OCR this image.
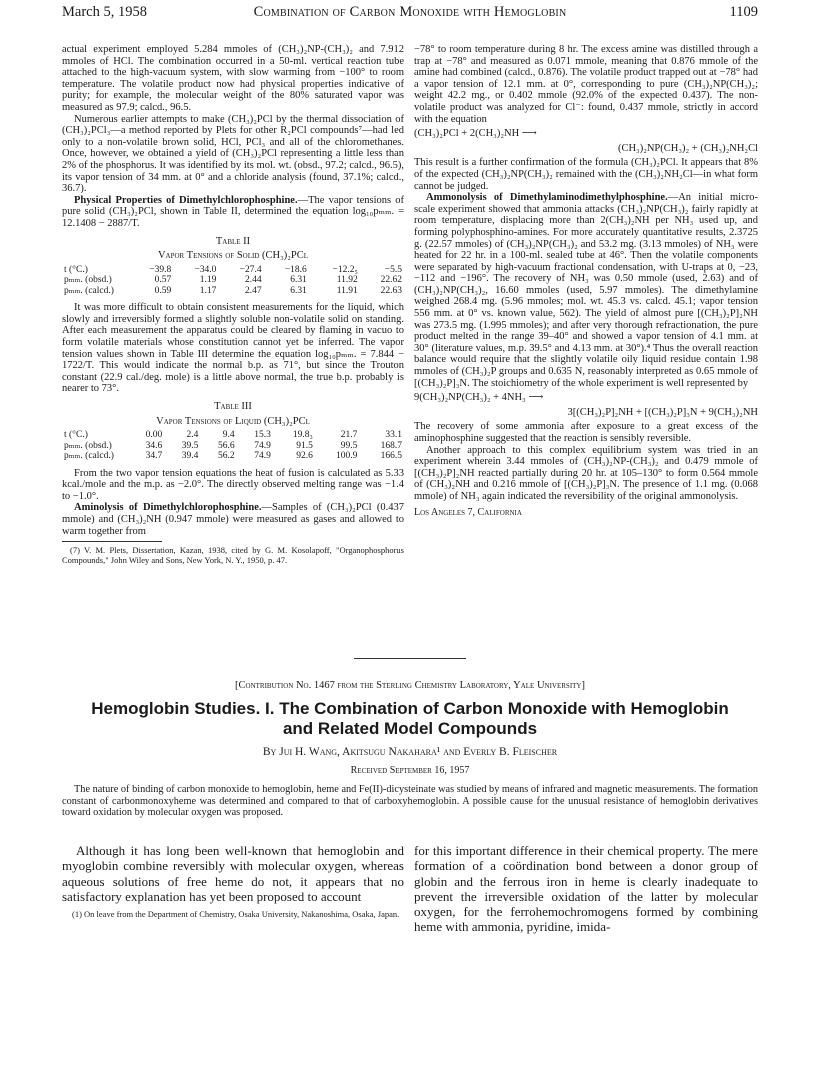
March 5, 1958	Combination of Carbon Monoxide with Hemoglobin	1109

actual experiment employed 5.284 mmoles of (CH₃)₂NP-(CH₃)₂ and 7.912 mmoles of HCl. The combination occurred in a 50-ml. vertical reaction tube attached to the high-vacuum system, with slow warming from −100° to room temperature. The volatile product now had physical properties indicative of purity; for example, the molecular weight of the 80% saturated vapor was measured as 97.9; calcd., 96.5.

Numerous earlier attempts to make (CH₃)₂PCl by the thermal dissociation of (CH₃)₂PCl₃—a method reported by Plets for other R₂PCl compounds⁷—had led only to a non-volatile brown solid, HCl, PCl₃ and all of the chloromethanes. Once, however, we obtained a yield of (CH₃)₂PCl representing a little less than 2% of the phosphorus. It was identified by its mol. wt. (obsd., 97.2; calcd., 96.5), its vapor tension of 34 mm. at 0° and a chloride analysis (found, 37.1%; calcd., 36.7).

Physical Properties of Dimethylchlorophosphine.—The vapor tensions of pure solid (CH₃)₂PCl, shown in Table II, determined the equation log₁₀pₘₘ. = 12.1408 − 2887/T.

Table II
Vapor Tensions of Solid (CH₃)₂PCl
t (°C.)	−39.8	−34.0	−27.4	−18.6	−12.2₅	−5.5
pₘₘ. (obsd.)	0.57	1.19	2.44	6.31	11.92	22.62
pₘₘ. (calcd.)	0.59	1.17	2.47	6.31	11.91	22.63

It was more difficult to obtain consistent measurements for the liquid, which slowly and irreversibly formed a slightly soluble non-volatile solid on standing. After each measurement the apparatus could be cleared by flaming in vacuo to form volatile materials whose constitution cannot yet be inferred. The vapor tension values shown in Table III determine the equation log₁₀pₘₘ. = 7.844 − 1722/T. This would indicate the normal b.p. as 71°, but since the Trouton constant (22.9 cal./deg. mole) is a little above normal, the true b.p. probably is nearer to 73°.

Table III
Vapor Tensions of Liquid (CH₃)₂PCl
t (°C.)	0.00	2.4	9.4	15.3	19.8₃	21.7	33.1
pₘₘ. (obsd.)	34.6	39.5	56.6	74.9	91.5	99.5	168.7
pₘₘ. (calcd.)	34.7	39.4	56.2	74.9	92.6	100.9	166.5

From the two vapor tension equations the heat of fusion is calculated as 5.33 kcal./mole and the m.p. as −2.0°. The directly observed melting range was −1.4 to −1.0°.

Aminolysis of Dimethylchlorophosphine.—Samples of (CH₃)₂PCl (0.437 mmole) and (CH₃)₂NH (0.947 mmole) were measured as gases and allowed to warm together from

(7) V. M. Plets, Dissertation, Kazan, 1938, cited by G. M. Kosolapoff, "Organophosphorus Compounds," John Wiley and Sons, New York, N. Y., 1950, p. 47.

−78° to room temperature during 8 hr. The excess amine was distilled through a trap at −78° and measured as 0.071 mmole, meaning that 0.876 mmole of the amine had combined (calcd., 0.876). The volatile product trapped out at −78° had a vapor tension of 12.1 mm. at 0°, corresponding to pure (CH₃)₂NP(CH₃)₂; weight 42.2 mg., or 0.402 mmole (92.0% of the expected 0.437). The non-volatile product was analyzed for Cl⁻: found, 0.437 mmole, strictly in accord with the equation

(CH₃)₂PCl + 2(CH₃)₂NH ⟶
(CH₃)₂NP(CH₃)₂ + (CH₃)₂NH₂Cl

This result is a further confirmation of the formula (CH₃)₂PCl. It appears that 8% of the expected (CH₃)₂NP(CH₃)₂ remained with the (CH₃)₂NH₂Cl—in what form cannot be judged.

Ammonolysis of Dimethylaminodimethylphosphine.—An initial micro-scale experiment showed that ammonia attacks (CH₃)₂NP(CH₃)₂ fairly rapidly at room temperature, displacing more than 2(CH₃)₂NH per NH₃ used up, and forming polyphosphino-amines. For more accurately quantitative results, 2.3725 g. (22.57 mmoles) of (CH₃)₂NP(CH₃)₂ and 53.2 mg. (3.13 mmoles) of NH₃ were heated for 22 hr. in a 100-ml. sealed tube at 46°. Then the volatile components were separated by high-vacuum fractional condensation, with U-traps at 0, −23, −112 and −196°. The recovery of NH₃ was 0.50 mmole (used, 2.63) and of (CH₃)₂NP(CH₃)₂, 16.60 mmoles (used, 5.97 mmoles). The dimethylamine weighed 268.4 mg. (5.96 mmoles; mol. wt. 45.3 vs. calcd. 45.1; vapor tension 556 mm. at 0° vs. known value, 562). The yield of almost pure [(CH₃)₂P]₂NH was 273.5 mg. (1.995 mmoles); and after very thorough refractionation, the pure product melted in the range 39–40° and showed a vapor tension of 4.1 mm. at 30° (literature values, m.p. 39.5° and 4.13 mm. at 30°).⁴ Thus the overall reaction balance would require that the slightly volatile oily liquid residue contain 1.98 mmoles of (CH₃)₂P groups and 0.635 N, reasonably interpreted as 0.65 mmole of [(CH₃)₂P]₃N. The stoichiometry of the whole experiment is well represented by

9(CH₃)₂NP(CH₃)₂ + 4NH₃ ⟶
3[(CH₃)₂P]₂NH + [(CH₃)₂P]₃N + 9(CH₃)₂NH

The recovery of some ammonia after exposure to a great excess of the aminophosphine suggested that the reaction is sensibly reversible.

Another approach to this complex equilibrium system was tried in an experiment wherein 3.44 mmoles of (CH₃)₂NP-(CH₃)₂ and 0.479 mmole of [(CH₃)₂P]₂NH reacted partially during 20 hr. at 105–130° to form 0.564 mmole of (CH₃)₂NH and 0.216 mmole of [(CH₃)₂P]₃N. The presence of 1.1 mg. (0.068 mmole) of NH₃ again indicated the reversibility of the original ammonolysis.

Los Angeles 7, California
[Contribution No. 1467 from the Sterling Chemistry Laboratory, Yale University]
Hemoglobin Studies. I. The Combination of Carbon Monoxide with Hemoglobin
and Related Model Compounds
By Jui H. Wang, Akitsugu Nakahara¹ and Everly B. Fleischer
Received September 16, 1957
The nature of binding of carbon monoxide to hemoglobin, heme and Fe(II)-dicysteinate was studied by means of infrared and magnetic measurements. The formation constant of carbonmonoxyheme was determined and compared to that of carboxyhemoglobin. A possible cause for the unusual resistance of hemoglobin derivatives toward oxidation by molecular oxygen was proposed.

Although it has long been well-known that hemoglobin and myoglobin combine reversibly with molecular oxygen, whereas aqueous solutions of free heme do not, it appears that no satisfactory explanation has yet been proposed to account

(1) On leave from the Department of Chemistry, Osaka University, Nakanoshima, Osaka, Japan.

for this important difference in their chemical property. The mere formation of a coördination bond between a donor group of globin and the ferrous iron in heme is clearly inadequate to prevent the irreversible oxidation of the latter by molecular oxygen, for the ferrohemochromogens formed by combining heme with ammonia, pyridine, imida-
